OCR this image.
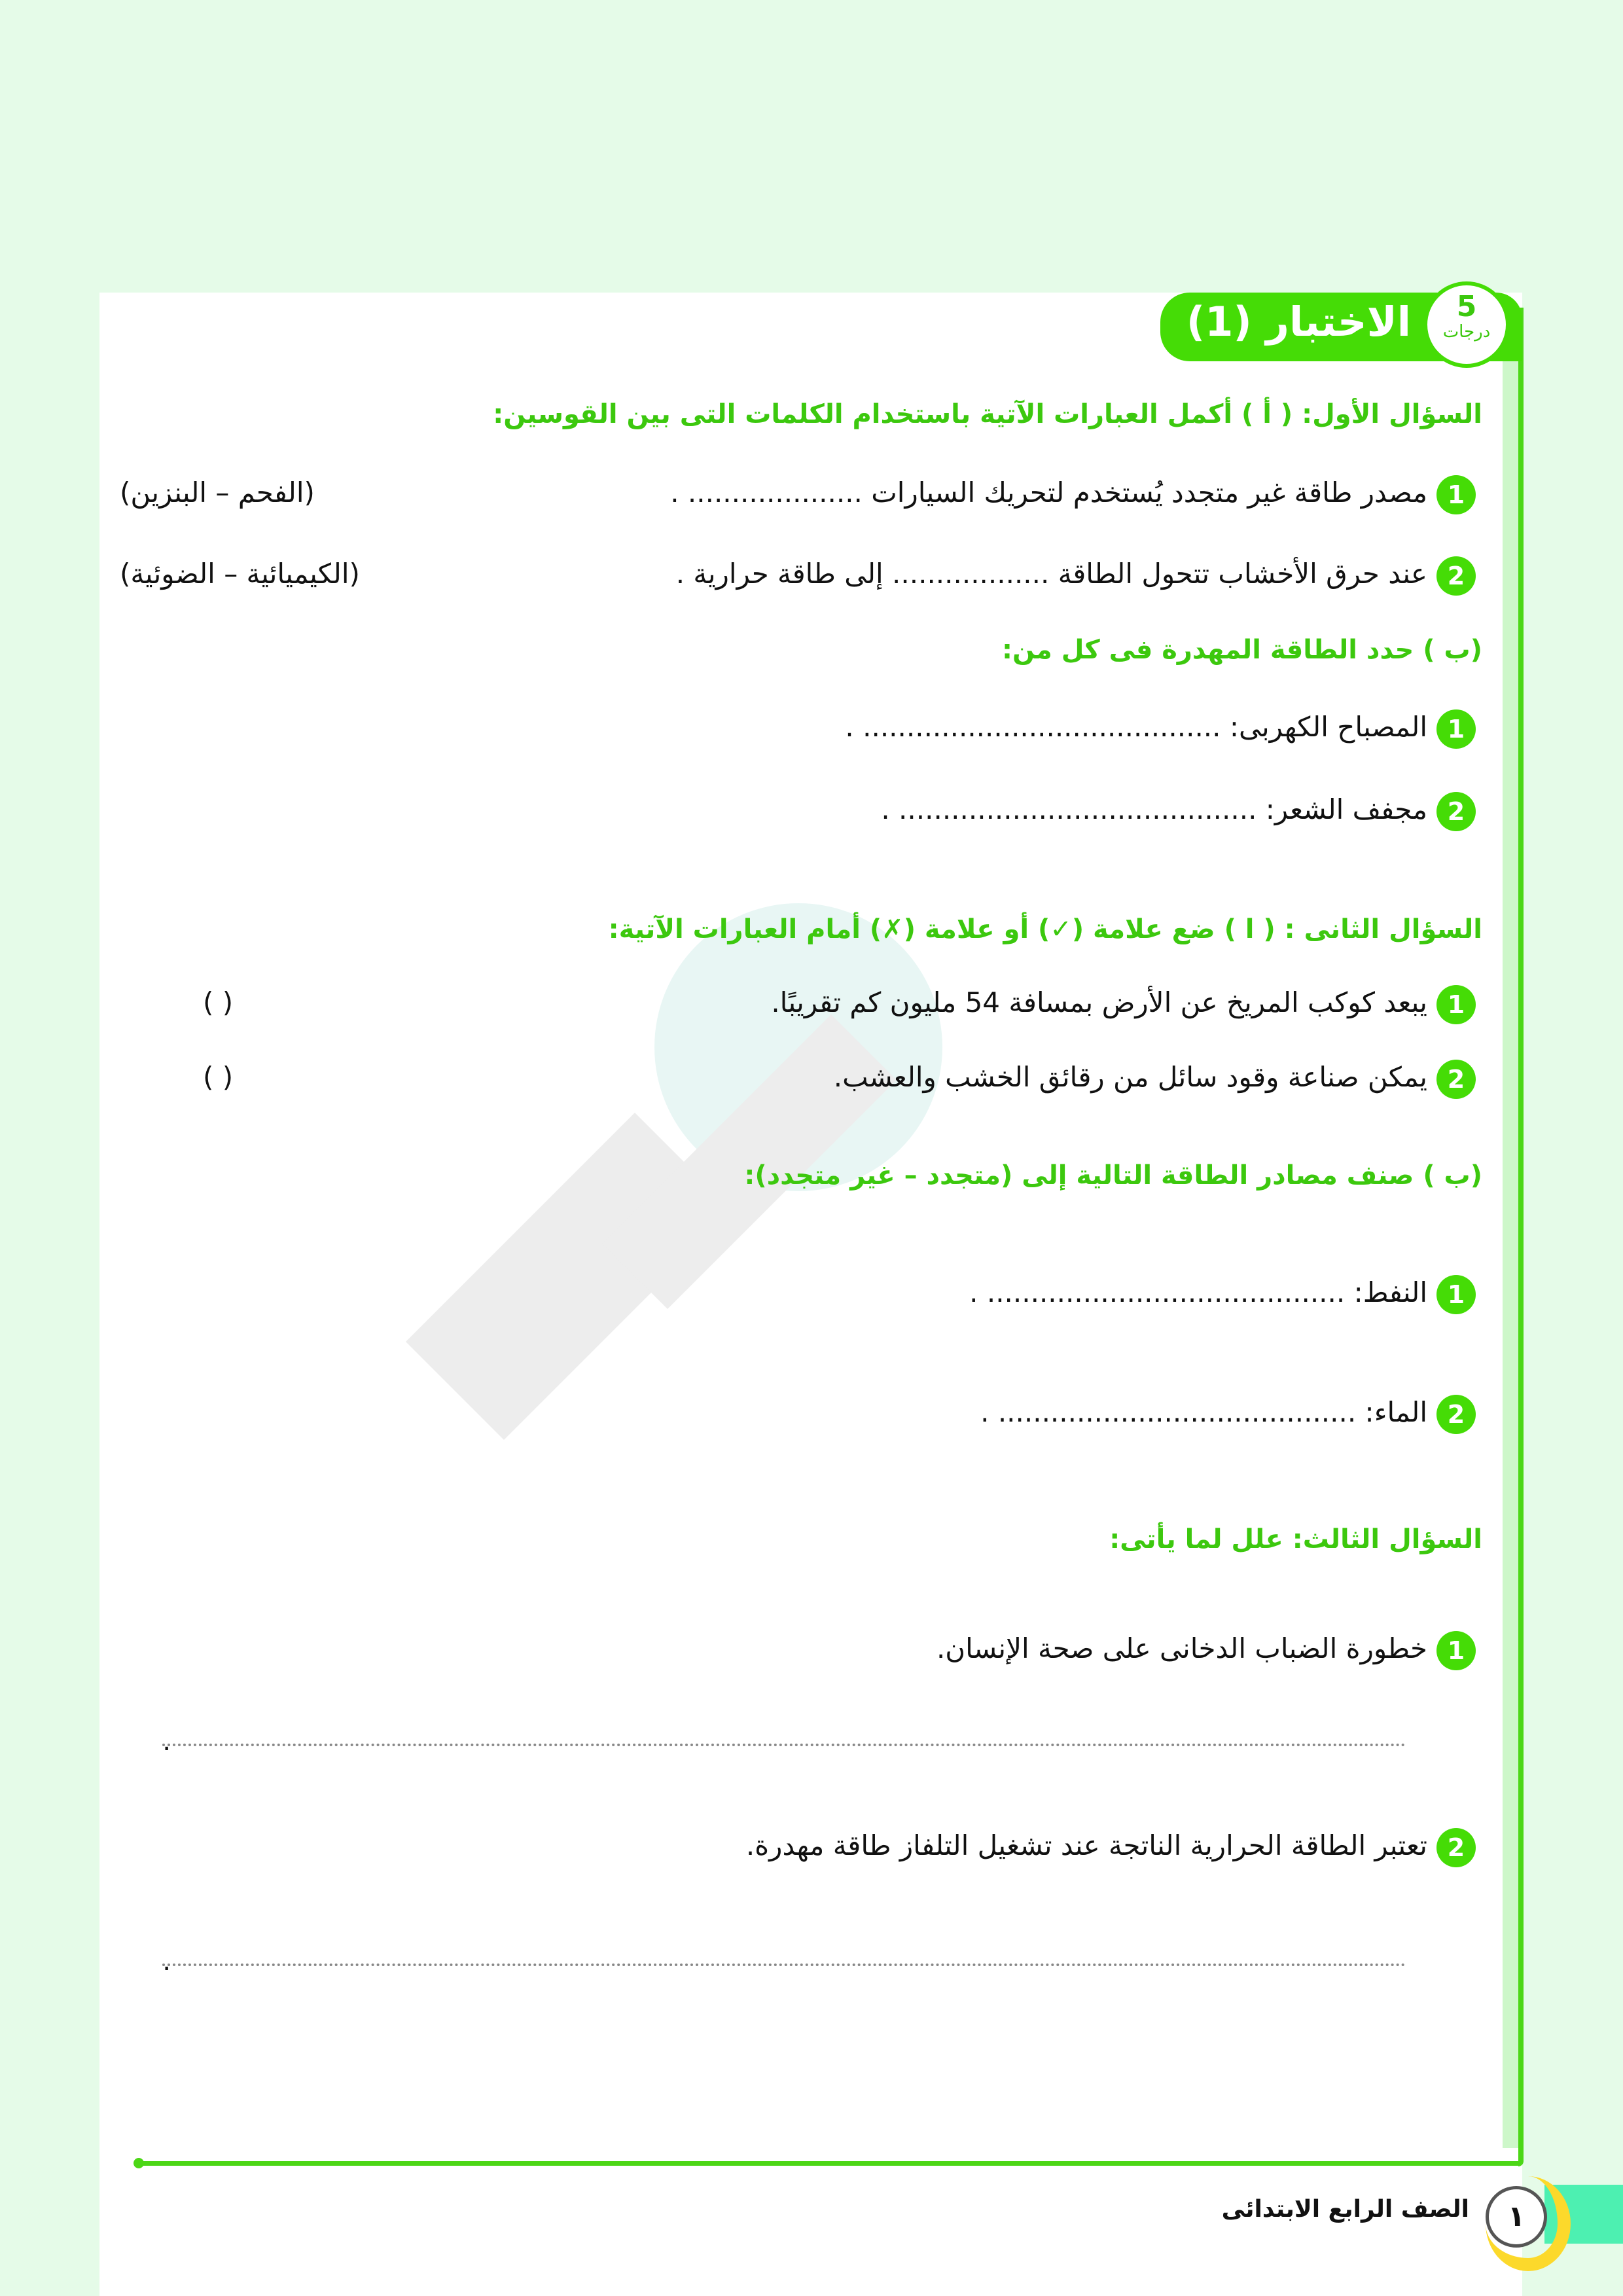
الاختبار (1)	5
درجات
السؤال الأول: ( أ ) أكمل العبارات الآتية باستخدام الكلمات التى بين القوسين:
1مصدر طاقة غير متجدد يُستخدم لتحريك السيارات .................... .
(الفحم – البنزين)
2عند حرق الأخشاب تتحول الطاقة .................. إلى طاقة حرارية .
(الكيميائية – الضوئية)
(ب ) حدد الطاقة المهدرة فى كل من:
1المصباح الكهربى: ......................................... .
2مجفف الشعر: ......................................... .
السؤال الثانى : ( ا ) ضع علامة (✓) أو علامة (✗) أمام العبارات الآتية:
1يبعد كوكب المريخ عن الأرض بمسافة 54 مليون كم تقريبًا.
( )
2يمكن صناعة وقود سائل من رقائق الخشب والعشب.
( )
(ب ) صنف مصادر الطاقة التالية إلى (متجدد – غير متجدد):
1النفط: ......................................... .
2الماء: ......................................... .
السؤال الثالث: علل لما يأتى:
1خطورة الضباب الدخانى على صحة الإنسان.
.
2تعتبر الطاقة الحرارية الناتجة عند تشغيل التلفاز طاقة مهدرة.
.
١
الصف الرابع الابتدائى
